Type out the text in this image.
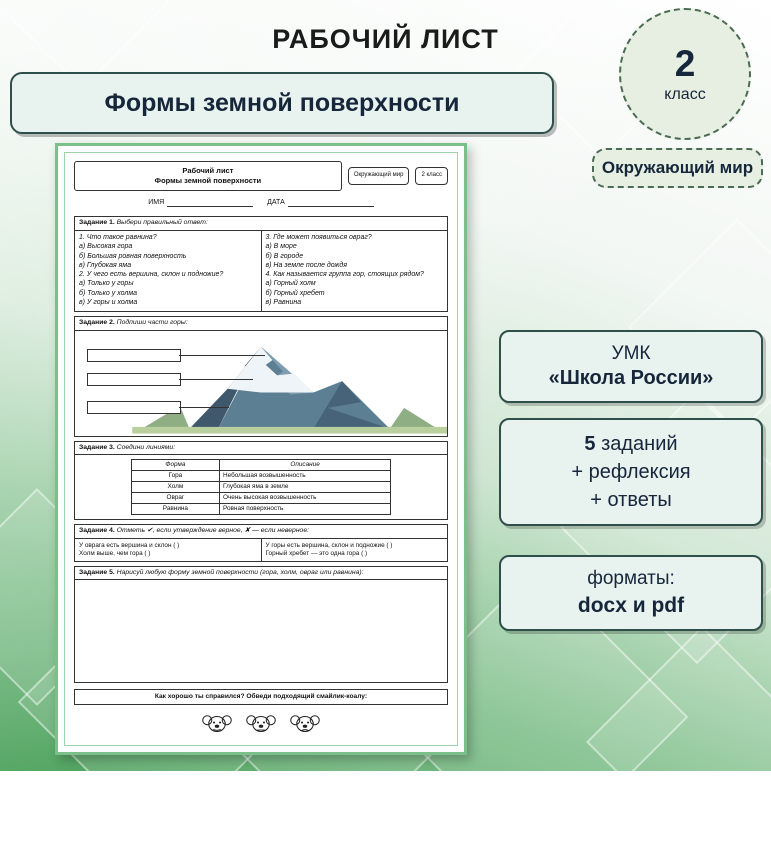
РАБОЧИЙ ЛИСТ
Формы земной поверхности
2
класс
Окружающий мир
УМК
«Школа России»
5 заданий
+ рефлексия
+ ответы
форматы:
docx и pdf
Рабочий лист
Формы земной поверхности
Окружающий мир	2 класс
ИМЯ	ДАТА
Задание 1. Выбери правильный ответ:
1. Что такое равнина?
а) Высокая гора
б) Большая ровная поверхность
в) Глубокая яма
2. У чего есть вершина, склон и подножие?
а) Только у горы
б) Только у холма
в) У горы и холма
3. Где может появиться овраг?
а) В море
б) В городе
в) На земле после дождя
4. Как называется группа гор, стоящих рядом?
а) Горный холм
б) Горный хребет
в) Равнина
Задание 2. Подпиши части горы:
Задание 3. Соедини линиями:
Форма	Описание
Гора	Небольшая возвышенность
Холм	Глубокая яма в земле
Овраг	Очень высокая возвышенность
Равнина	Ровная поверхность
Задание 4. Отметь ✔, если утверждение верное, ✘ — если неверное:
У оврага есть вершина и склон ( )
Холм выше, чем гора ( )
У горы есть вершина, склон и подножие ( )
Горный хребет — это одна гора ( )
Задание 5. Нарисуй любую форму земной поверхности (гора, холм, овраг или равнина):
Как хорошо ты справился? Обведи подходящий смайлик-коалу:
